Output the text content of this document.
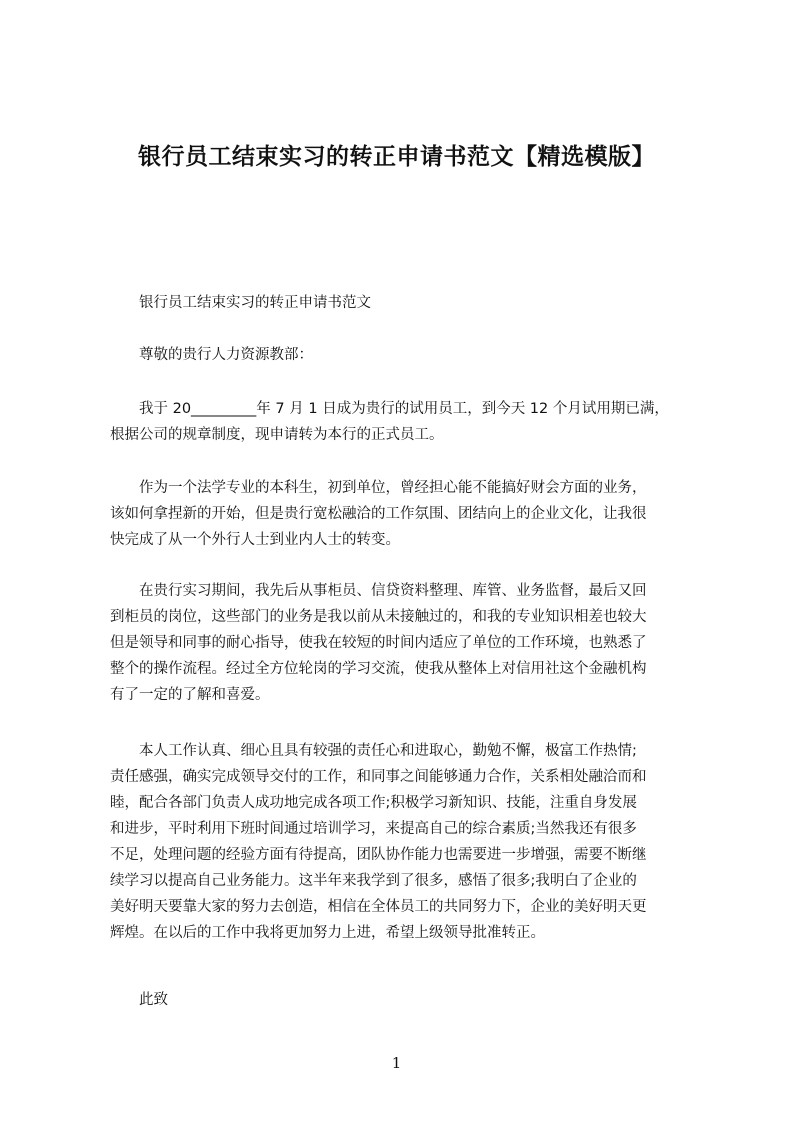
银行员工结束实习的转正申请书范文【精选模版】

银行员工结束实习的转正申请书范文

尊敬的贵行人力资源教部：

我于 20_________年 7 月 1 日成为贵行的试用员工，到今天 12 个月试用期已满，
根据公司的规章制度，现申请转为本行的正式员工。

作为一个法学专业的本科生，初到单位，曾经担心能不能搞好财会方面的业务，
该如何拿捏新的开始，但是贵行宽松融洽的工作氛围、团结向上的企业文化，让我很
快完成了从一个外行人士到业内人士的转变。

在贵行实习期间，我先后从事柜员、信贷资料整理、库管、业务监督，最后又回
到柜员的岗位，这些部门的业务是我以前从未接触过的，和我的专业知识相差也较大
但是领导和同事的耐心指导，使我在较短的时间内适应了单位的工作环境，也熟悉了
整个的操作流程。经过全方位轮岗的学习交流，使我从整体上对信用社这个金融机构
有了一定的了解和喜爱。

本人工作认真、细心且具有较强的责任心和进取心，勤勉不懈，极富工作热情;
责任感强，确实完成领导交付的工作，和同事之间能够通力合作，关系相处融洽而和
睦，配合各部门负责人成功地完成各项工作;积极学习新知识、技能，注重自身发展
和进步，平时利用下班时间通过培训学习，来提高自己的综合素质;当然我还有很多
不足，处理问题的经验方面有待提高，团队协作能力也需要进一步增强，需要不断继
续学习以提高自己业务能力。这半年来我学到了很多，感悟了很多;我明白了企业的
美好明天要靠大家的努力去创造，相信在全体员工的共同努力下，企业的美好明天更
辉煌。在以后的工作中我将更加努力上进，希望上级领导批准转正。

此致

1
